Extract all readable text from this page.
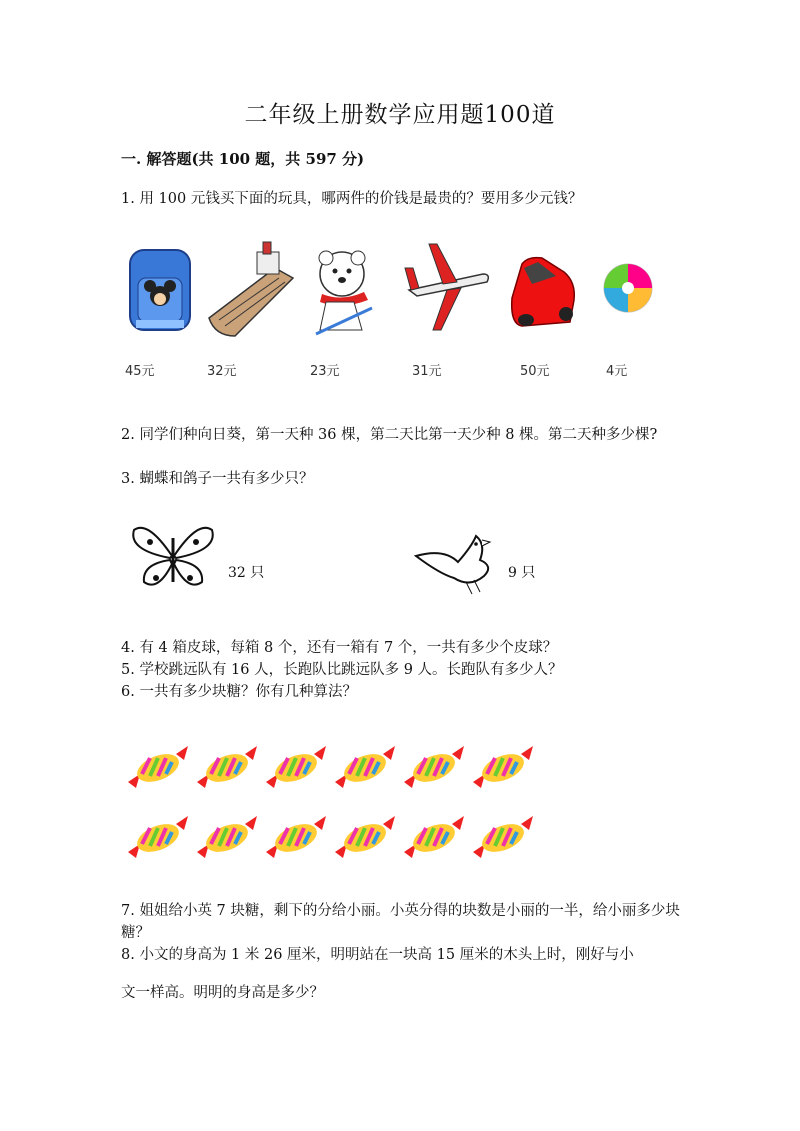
二年级上册数学应用题100道
一. 解答题(共 100 题，共 597 分)
1. 用 100 元钱买下面的玩具，哪两件的价钱是最贵的？要用多少元钱？
45元	32元	23元	31元	50元	4元
2. 同学们种向日葵，第一天种 36 棵，第二天比第一天少种 8 棵。第二天种多少棵?
3. 蝴蝶和鸽子一共有多少只？
32 只	9 只
4. 有 4 箱皮球，每箱 8 个，还有一箱有 7 个，一共有多少个皮球？
5. 学校跳远队有 16 人，长跑队比跳远队多 9 人。长跑队有多少人？
6. 一共有多少块糖？你有几种算法？
7. 姐姐给小英 7 块糖，剩下的分给小丽。小英分得的块数是小丽的一半，给小丽多少块糖？
8. 小文的身高为 1 米 26 厘米，明明站在一块高 15 厘米的木头上时，刚好与小
文一样高。明明的身高是多少？
